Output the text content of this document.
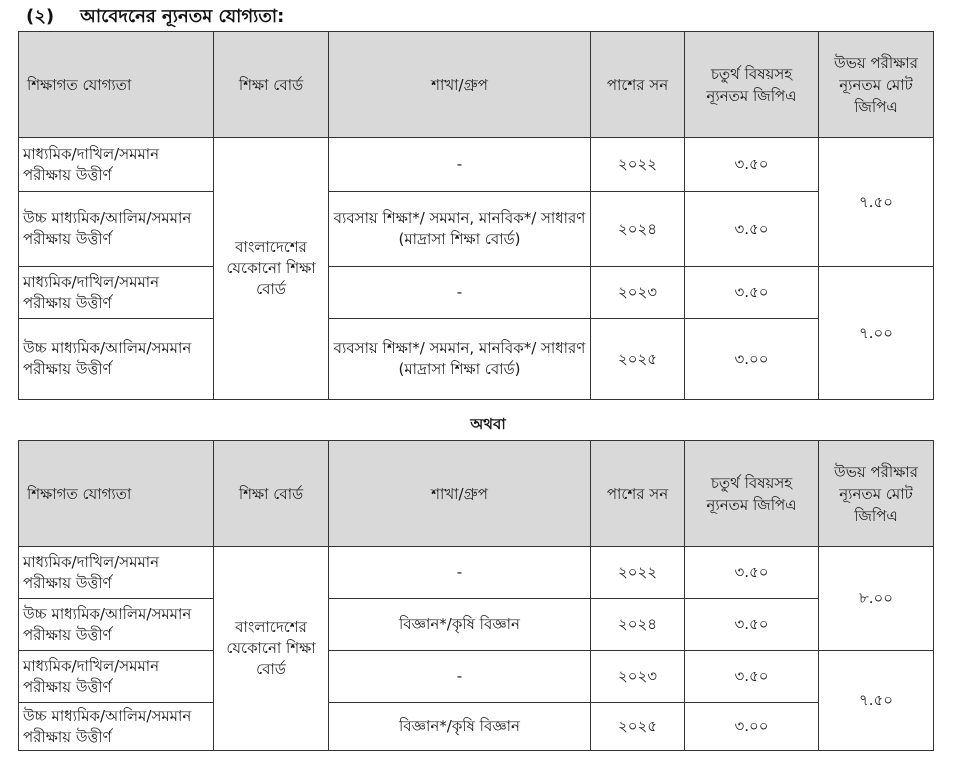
(২) আবেদনের ন্যূনতম যোগ্যতা:
শিক্ষাগত যোগ্যতা	শিক্ষা বোর্ড	শাখা/গ্রুপ	পাশের সন	চতুর্থ বিষয়সহ ন্যূনতম জিপিএ	উভয় পরীক্ষার ন্যূনতম মোট জিপিএ
মাধ্যমিক/দাখিল/সমমান পরীক্ষায় উত্তীর্ণ	বাংলাদেশের যেকোনো শিক্ষা বোর্ড	-	২০২২	৩.৫০	৭.৫০
উচ্চ মাধ্যমিক/আলিম/সমমান পরীক্ষায় উত্তীর্ণ		ব্যবসায় শিক্ষা*/ সমমান, মানবিক*/ সাধারণ (মাদ্রাসা শিক্ষা বোর্ড)	২০২৪	৩.৫০	
মাধ্যমিক/দাখিল/সমমান পরীক্ষায় উত্তীর্ণ		-	২০২৩	৩.৫০	৭.০০
উচ্চ মাধ্যমিক/আলিম/সমমান পরীক্ষায় উত্তীর্ণ		ব্যবসায় শিক্ষা*/ সমমান, মানবিক*/ সাধারণ (মাদ্রাসা শিক্ষা বোর্ড)	২০২৫	৩.০০	
অথবা
শিক্ষাগত যোগ্যতা	শিক্ষা বোর্ড	শাখা/গ্রুপ	পাশের সন	চতুর্থ বিষয়সহ ন্যূনতম জিপিএ	উভয় পরীক্ষার ন্যূনতম মোট জিপিএ
মাধ্যমিক/দাখিল/সমমান পরীক্ষায় উত্তীর্ণ	বাংলাদেশের যেকোনো শিক্ষা বোর্ড	-	২০২২	৩.৫০	৮.০০
উচ্চ মাধ্যমিক/আলিম/সমমান পরীক্ষায় উত্তীর্ণ		বিজ্ঞান*/কৃষি বিজ্ঞান	২০২৪	৩.৫০	
মাধ্যমিক/দাখিল/সমমান পরীক্ষায় উত্তীর্ণ		-	২০২৩	৩.৫০	৭.৫০
উচ্চ মাধ্যমিক/আলিম/সমমান পরীক্ষায় উত্তীর্ণ		বিজ্ঞান*/কৃষি বিজ্ঞান	২০২৫	৩.০০	
